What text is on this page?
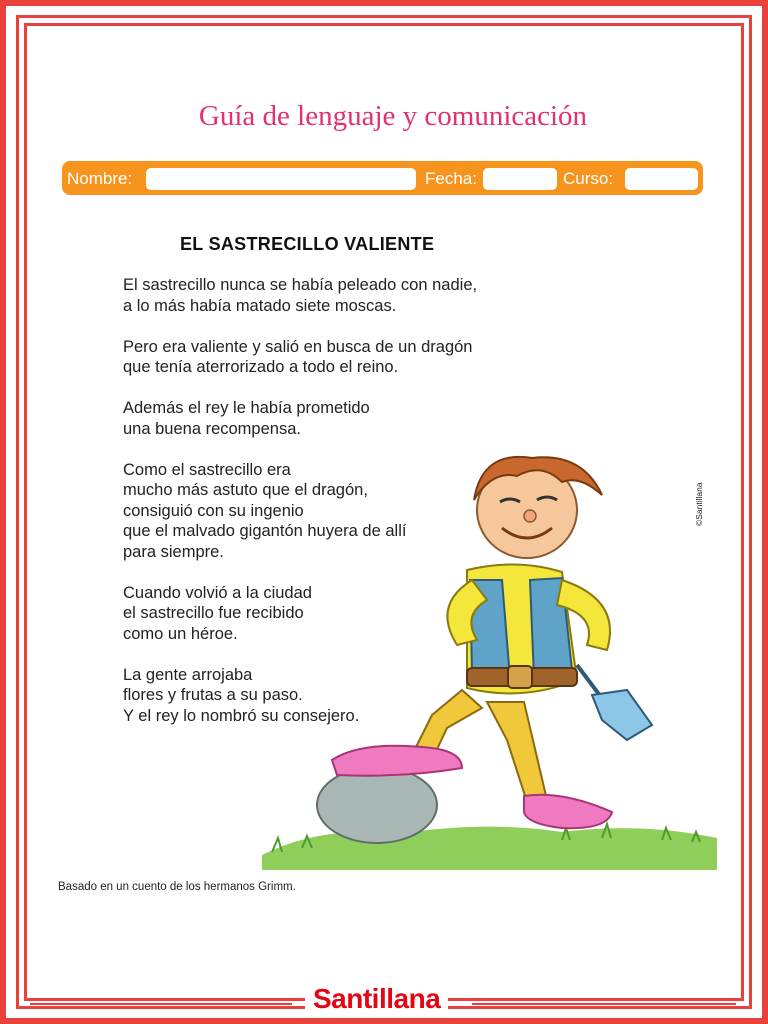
Guía de lenguaje y comunicación
Nombre:	Fecha:	Curso:
EL SASTRECILLO VALIENTE
El sastrecillo nunca se había peleado con nadie,
a lo más había matado siete moscas.
Pero era valiente y salió en busca de un dragón
que tenía aterrorizado a todo el reino.
Además el rey le había prometido
una buena recompensa.
Como el sastrecillo era
mucho más astuto que el dragón,
consiguió con su ingenio
que el malvado gigantón huyera de allí
para siempre.
Cuando volvió a la ciudad
el sastrecillo fue recibido
como un héroe.
La gente arrojaba
flores y frutas a su paso.
Y el rey lo nombró su consejero.
©Santillana
Basado en un cuento de los hermanos Grimm.
Santillana
